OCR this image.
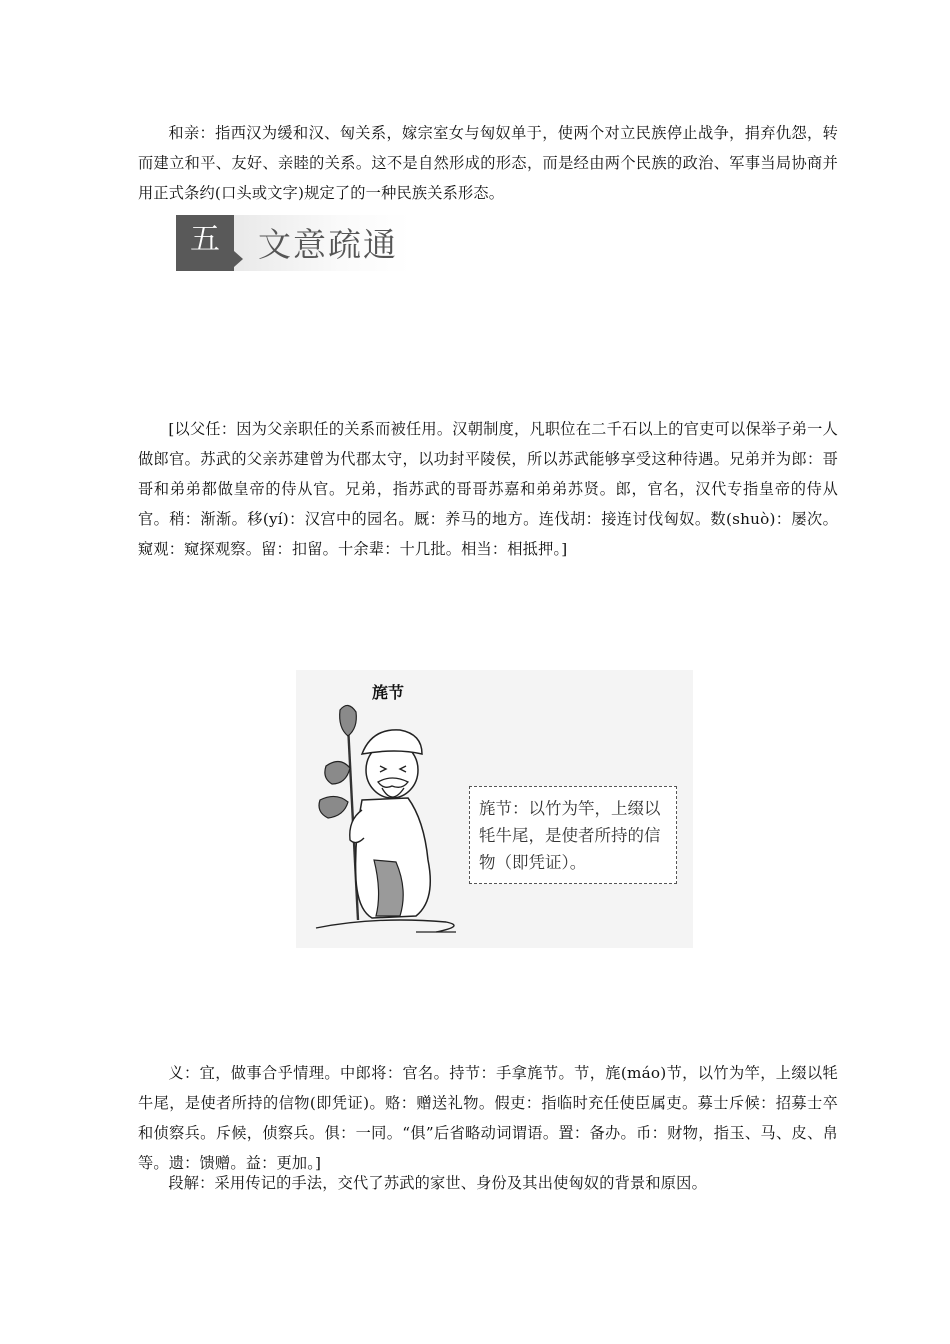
和亲：指西汉为缓和汉、匈关系，嫁宗室女与匈奴单于，使两个对立民族停止战争，捐弃仇怨，转而建立和平、友好、亲睦的关系。这不是自然形成的形态，而是经由两个民族的政治、军事当局协商并用正式条约(口头或文字)规定了的一种民族关系形态。

五	文意疏通

[以父任：因为父亲职任的关系而被任用。汉朝制度，凡职位在二千石以上的官吏可以保举子弟一人做郎官。苏武的父亲苏建曾为代郡太守，以功封平陵侯，所以苏武能够享受这种待遇。兄弟并为郎：哥哥和弟弟都做皇帝的侍从官。兄弟，指苏武的哥哥苏嘉和弟弟苏贤。郎，官名，汉代专指皇帝的侍从官。稍：渐渐。移(yí)：汉宫中的园名。厩：养马的地方。连伐胡：接连讨伐匈奴。数(shuò)：屡次。窥观：窥探观察。留：扣留。十余辈：十几批。相当：相抵押。]

旄节
旄节：以竹为竿，上缀以牦牛尾，是使者所持的信物（即凭证）。

义：宜，做事合乎情理。中郎将：官名。持节：手拿旄节。节，旄(máo)节，以竹为竿，上缀以牦牛尾，是使者所持的信物(即凭证)。赂：赠送礼物。假吏：指临时充任使臣属吏。募士斥候：招募士卒和侦察兵。斥候，侦察兵。俱：一同。“俱”后省略动词谓语。置：备办。币：财物，指玉、马、皮、帛等。遗：馈赠。益：更加。]

段解：采用传记的手法，交代了苏武的家世、身份及其出使匈奴的背景和原因。
